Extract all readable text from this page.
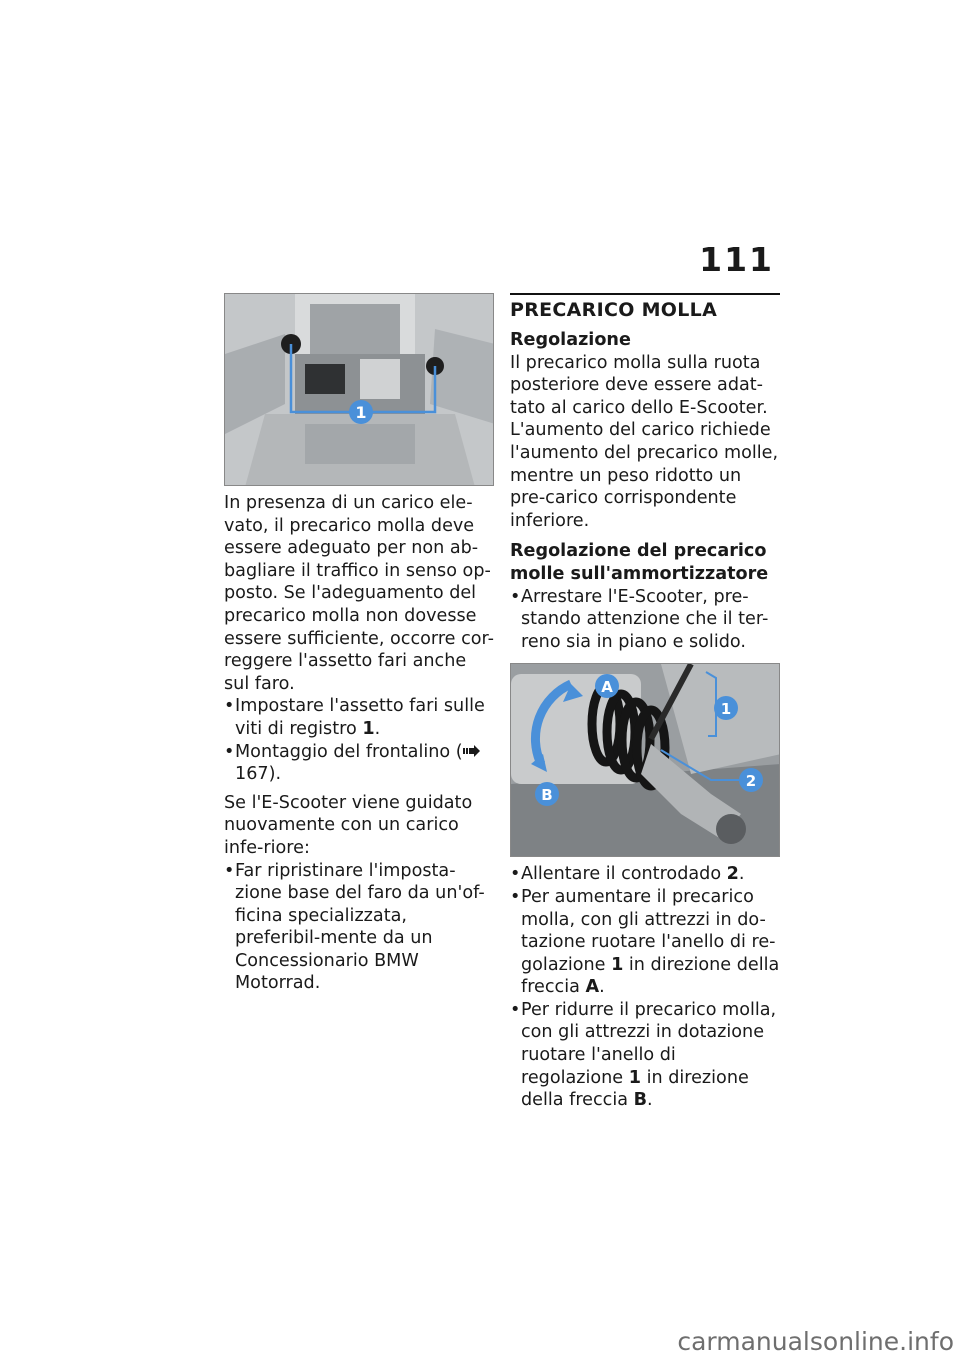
111
1

In presenza di un carico ele-vato, il precarico molla deve essere adeguato per non ab-bagliare il traffico in senso op-posto. Se l'adeguamento del precarico molla non dovesse essere sufficiente, occorre cor-reggere l'assetto fari anche sul faro.

• Impostare l'assetto fari sulle viti di registro 1.
• Montaggio del frontalino ( 167).

Se l'E-Scooter viene guidato nuovamente con un carico infe-riore:

• Far ripristinare l'imposta-zione base del faro da un'of-ficina specializzata, preferibil-mente da un Concessionario BMW Motorrad.
PRECARICO MOLLA
Regolazione

Il precarico molla sulla ruota posteriore deve essere adat-tato al carico dello E-Scooter. L'aumento del carico richiede l'aumento del precarico molle, mentre un peso ridotto un pre-carico corrispondente inferiore.

Regolazione del precarico molle sull'ammortizzatore
• Arrestare l'E-Scooter, pre-stando attenzione che il ter-reno sia in piano e solido.
A
B
1
2
• Allentare il controdado 2.
• Per aumentare il precarico molla, con gli attrezzi in do-tazione ruotare l'anello di re-golazione 1 in direzione della freccia A.
• Per ridurre il precarico molla, con gli attrezzi in dotazione ruotare l'anello di regolazione 1 in direzione della freccia B.
carmanualsonline.info
